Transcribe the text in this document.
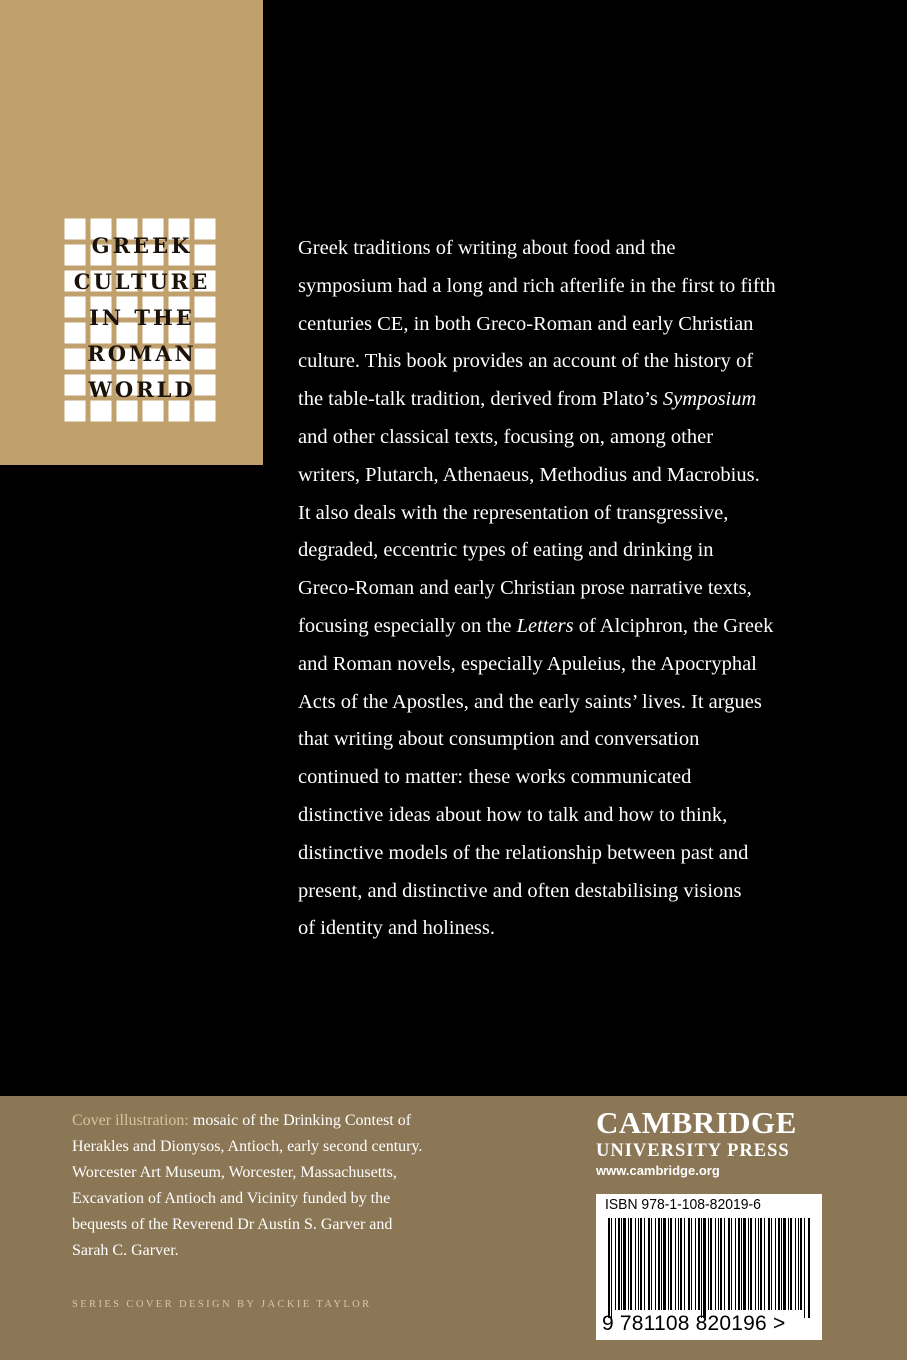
GREEK
CULTURE
IN THE
ROMAN
WORLD

Greek traditions of writing about food and the
symposium had a long and rich afterlife in the first to fifth
centuries CE, in both Greco-Roman and early Christian
culture. This book provides an account of the history of
the table-talk tradition, derived from Plato’s Symposium
and other classical texts, focusing on, among other
writers, Plutarch, Athenaeus, Methodius and Macrobius.
It also deals with the representation of transgressive,
degraded, eccentric types of eating and drinking in
Greco-Roman and early Christian prose narrative texts,
focusing especially on the Letters of Alciphron, the Greek
and Roman novels, especially Apuleius, the Apocryphal
Acts of the Apostles, and the early saints’ lives. It argues
that writing about consumption and conversation
continued to matter: these works communicated
distinctive ideas about how to talk and how to think,
distinctive models of the relationship between past and
present, and distinctive and often destabilising visions
of identity and holiness.

Cover illustration: mosaic of the Drinking Contest of
Herakles and Dionysos, Antioch, early second century.
Worcester Art Museum, Worcester, Massachusetts,
Excavation of Antioch and Vicinity funded by the
bequests of the Reverend Dr Austin S. Garver and
Sarah C. Garver.

SERIES COVER DESIGN BY JACKIE TAYLOR

CAMBRIDGE

UNIVERSITY PRESS

www.cambridge.org

ISBN 978-1-108-82019-6

9 781108 820196 >
